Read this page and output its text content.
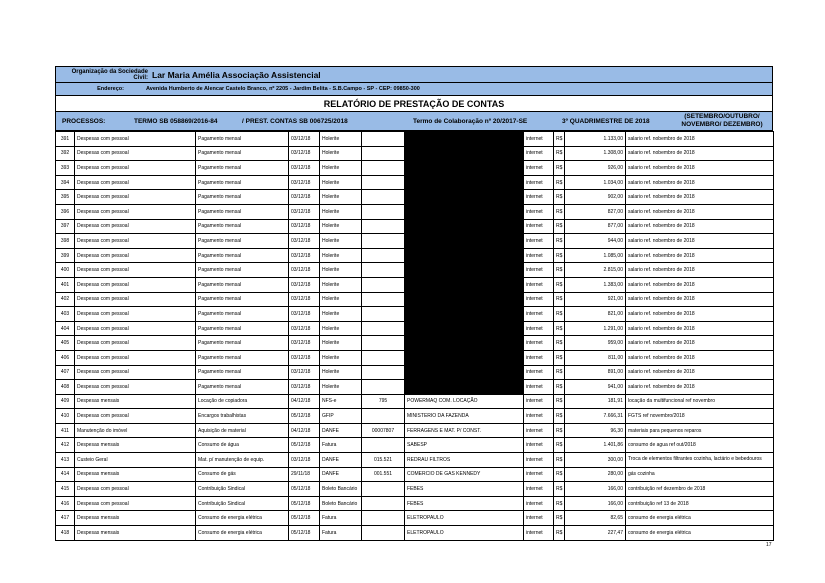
Organização da Sociedade Civil: Lar Maria Amélia Associação Assistencial
Endereço:	Avenida Humberto de Alencar Castelo Branco, nº 2205 - Jardim Belita - S.B.Campo - SP - CEP: 09850-300
RELATÓRIO DE PRESTAÇÃO DE CONTAS
PROCESSOS:	TERMO SB 058869/2016-84	/ PREST. CONTAS SB 006725/2018	Termo de Colaboração nº 20/2017-SE	3º QUADRIMESTRE DE 2018
(SETEMBRO/OUTUBRO/
NOVEMBRO/ DEZEMBRO)
391	Despesas com pessoal	Pagamento mensal	03/12/18	Holerite			internet	R$	1.133,00	salario ref. nobembro de 2018
392	Despesas com pessoal	Pagamento mensal	03/12/18	Holerite			internet	R$	1.308,00	salario ref. nobembro de 2018
393	Despesas com pessoal	Pagamento mensal	03/12/18	Holerite			internet	R$	926,00	salario ref. nobembro de 2018
394	Despesas com pessoal	Pagamento mensal	03/12/18	Holerite			internet	R$	1.034,00	salario ref. nobembro de 2018
395	Despesas com pessoal	Pagamento mensal	03/12/18	Holerite			internet	R$	902,00	salario ref. nobembro de 2018
396	Despesas com pessoal	Pagamento mensal	03/12/18	Holerite			internet	R$	827,00	salario ref. nobembro de 2018
397	Despesas com pessoal	Pagamento mensal	03/12/18	Holerite			internet	R$	877,00	salario ref. nobembro de 2018
398	Despesas com pessoal	Pagamento mensal	03/12/18	Holerite			internet	R$	944,00	salario ref. nobembro de 2018
399	Despesas com pessoal	Pagamento mensal	03/12/18	Holerite			internet	R$	1.085,00	salario ref. nobembro de 2018
400	Despesas com pessoal	Pagamento mensal	03/12/18	Holerite			internet	R$	2.815,00	salario ref. nobembro de 2018
401	Despesas com pessoal	Pagamento mensal	03/12/18	Holerite			internet	R$	1.383,00	salario ref. nobembro de 2018
402	Despesas com pessoal	Pagamento mensal	03/12/18	Holerite			internet	R$	921,00	salario ref. nobembro de 2018
403	Despesas com pessoal	Pagamento mensal	03/12/18	Holerite			internet	R$	821,00	salario ref. nobembro de 2018
404	Despesas com pessoal	Pagamento mensal	03/12/18	Holerite			internet	R$	1.291,00	salario ref. nobembro de 2018
405	Despesas com pessoal	Pagamento mensal	03/12/18	Holerite			internet	R$	959,00	salario ref. nobembro de 2018
406	Despesas com pessoal	Pagamento mensal	03/12/18	Holerite			internet	R$	811,00	salario ref. nobembro de 2018
407	Despesas com pessoal	Pagamento mensal	03/12/18	Holerite			internet	R$	891,00	salario ref. nobembro de 2018
408	Despesas com pessoal	Pagamento mensal	03/12/18	Holerite			internet	R$	941,00	salario ref. nobembro de 2018
409	Despesas mensais	Locação de copiadora	04/12/18	NFS-e	795	POWERMAQ COM. LOCAÇÃO	internet	R$	181,91	locação da multifuncional ref novembro
410	Despesas com pessoal	Encargos trabalhistas	05/12/18	GFIP		MINISTERIO DA FAZENDA	internet	R$	7.666,31	FGTS ref novembro/2018
411	Manutenção do imóvel	Aquisição de material	04/12/18	DANFE	00007807	FERRAGENS E MAT. P/ CONST.	internet	R$	96,30	materiais para pequenos reparos
412	Despesas mensais	Consumo de água	05/12/18	Fatura		SABESP	internet	R$	1.401,86	consumo de agua ref out/2018
413	Custeio Geral	Mat. p/ manutenção de equip.	03/12/18	DANFE	015.521	REDRAU FILTROS	internet	R$	300,00	Troca de elementos filtrantes cozinha, lactário e bebedouros
414	Despesas mensais	Consumo de gás	29/11/18	DANFE	001.551	COMERCIO DE GAS KENNEDY	internet	R$	280,00	gás cozinha
415	Despesas com pessoal	Contribuição Sindical	05/12/18	Boleto Bancário		FEBES	internet	R$	166,00	contribuição ref dezembro de 2018
416	Despesas com pessoal	Contribuição Sindical	05/12/18	Boleto Bancário		FEBES	internet	R$	166,00	contribuição ref 13 de 2018
417	Despesas mensais	Consumo de energia elétrica	05/12/18	Fatura		ELETROPAULO	internet	R$	82,65	consumo de energia elétrica
418	Despesas mensais	Consumo de energia elétrica	05/12/18	Fatura		ELETROPAULO	internet	R$	227,47	consumo de energia elétrica
17
